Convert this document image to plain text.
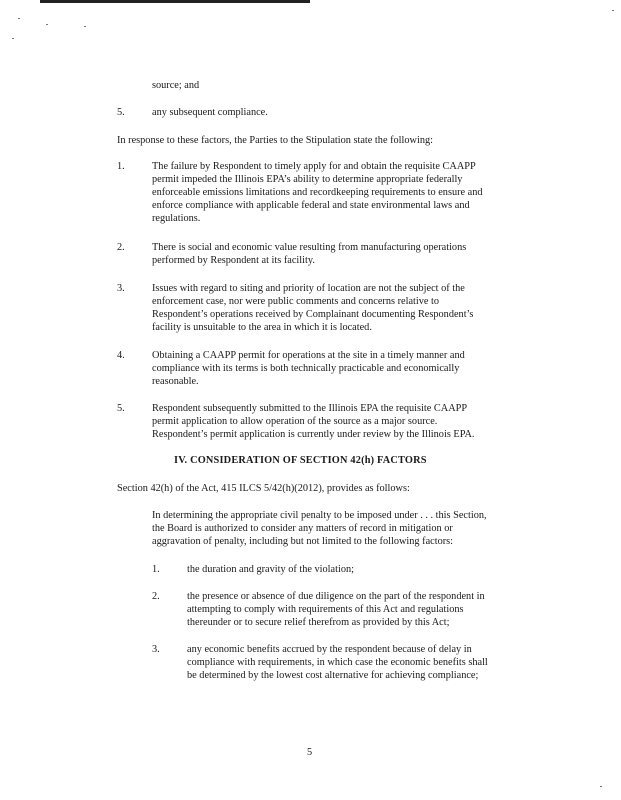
source; and
5.	any subsequent compliance.
In response to these factors, the Parties to the Stipulation state the following:
1.	The failure by Respondent to timely apply for and obtain the requisite CAAPP
permit impeded the Illinois EPA’s ability to determine appropriate federally
enforceable emissions limitations and recordkeeping requirements to ensure and
enforce compliance with applicable federal and state environmental laws and
regulations.
2.	There is social and economic value resulting from manufacturing operations
performed by Respondent at its facility.
3.	Issues with regard to siting and priority of location are not the subject of the
enforcement case, nor were public comments and concerns relative to
Respondent’s operations received by Complainant documenting Respondent’s
facility is unsuitable to the area in which it is located.
4.	Obtaining a CAAPP permit for operations at the site in a timely manner and
compliance with its terms is both technically practicable and economically
reasonable.
5.	Respondent subsequently submitted to the Illinois EPA the requisite CAAPP
permit application to allow operation of the source as a major source.
Respondent’s permit application is currently under review by the Illinois EPA.
IV. CONSIDERATION OF SECTION 42(h) FACTORS
Section 42(h) of the Act, 415 ILCS 5/42(h)(2012), provides as follows:
In determining the appropriate civil penalty to be imposed under . . . this Section,
the Board is authorized to consider any matters of record in mitigation or
aggravation of penalty, including but not limited to the following factors:
1.	the duration and gravity of the violation;
2.	the presence or absence of due diligence on the part of the respondent in
attempting to comply with requirements of this Act and regulations
thereunder or to secure relief therefrom as provided by this Act;
3.	any economic benefits accrued by the respondent because of delay in
compliance with requirements, in which case the economic benefits shall
be determined by the lowest cost alternative for achieving compliance;
5
